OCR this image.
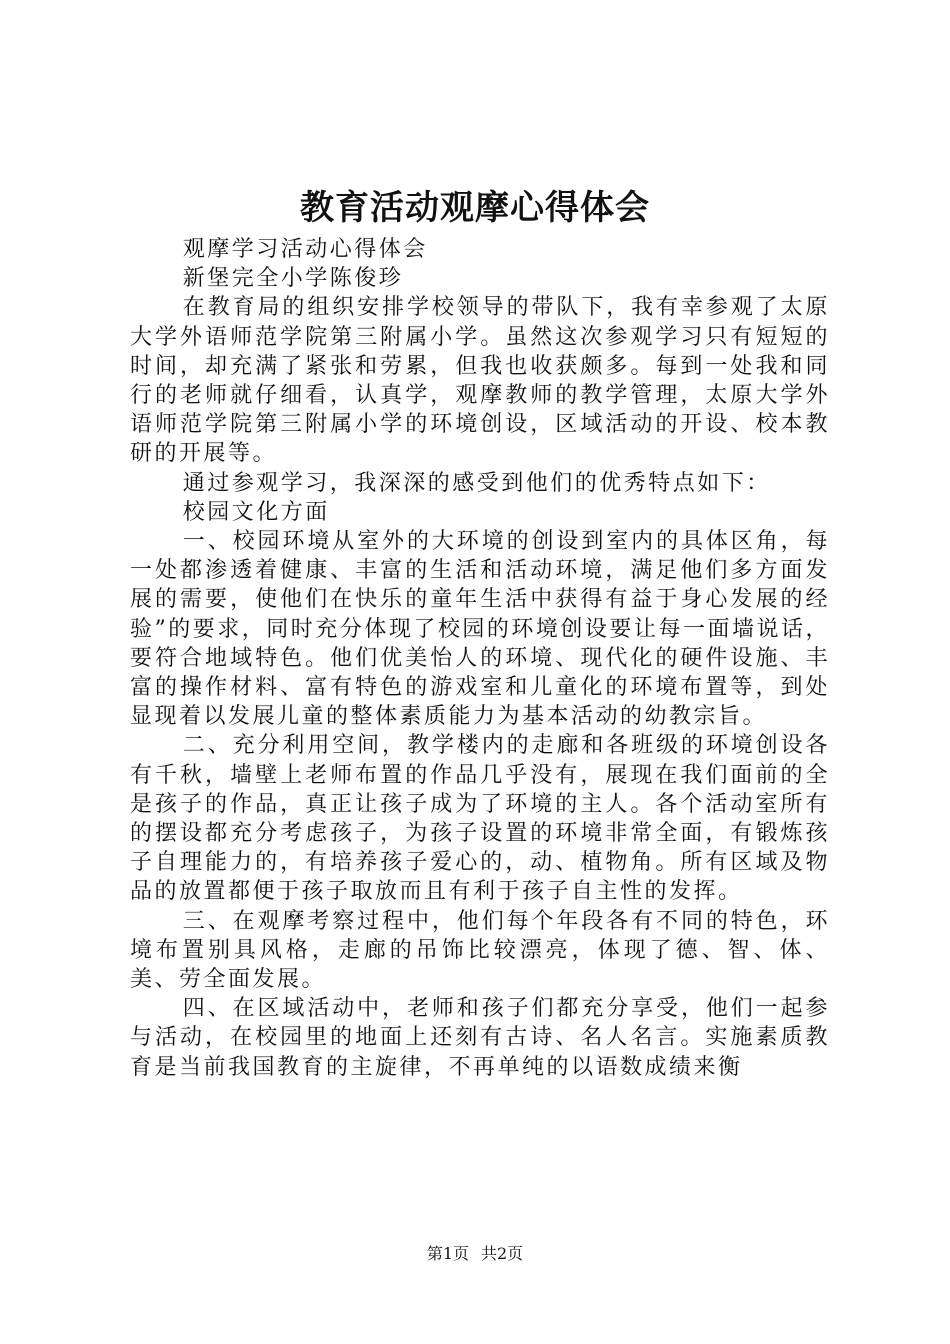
教育活动观摩心得体会

观摩学习活动心得体会

新堡完全小学陈俊珍

在教育局的组织安排学校领导的带队下，我有幸参观了太原大学外语师范学院第三附属小学。虽然这次参观学习只有短短的时间，却充满了紧张和劳累，但我也收获颇多。每到一处我和同行的老师就仔细看，认真学，观摩教师的教学管理，太原大学外语师范学院第三附属小学的环境创设，区域活动的开设、校本教研的开展等。

通过参观学习，我深深的感受到他们的优秀特点如下：

校园文化方面

一、校园环境从室外的大环境的创设到室内的具体区角，每一处都渗透着健康、丰富的生活和活动环境，满足他们多方面发展的需要，使他们在快乐的童年生活中获得有益于身心发展的经验”的要求，同时充分体现了校园的环境创设要让每一面墙说话，要符合地域特色。他们优美怡人的环境、现代化的硬件设施、丰富的操作材料、富有特色的游戏室和儿童化的环境布置等，到处显现着以发展儿童的整体素质能力为基本活动的幼教宗旨。

二、充分利用空间，教学楼内的走廊和各班级的环境创设各有千秋，墙壁上老师布置的作品几乎没有，展现在我们面前的全是孩子的作品，真正让孩子成为了环境的主人。各个活动室所有的摆设都充分考虑孩子，为孩子设置的环境非常全面，有锻炼孩子自理能力的，有培养孩子爱心的，动、植物角。所有区域及物品的放置都便于孩子取放而且有利于孩子自主性的发挥。

三、在观摩考察过程中，他们每个年段各有不同的特色，环境布置别具风格，走廊的吊饰比较漂亮，体现了德、智、体、美、劳全面发展。

四、在区域活动中，老师和孩子们都充分享受，他们一起参与活动，在校园里的地面上还刻有古诗、名人名言。实施素质教育是当前我国教育的主旋律，不再单纯的以语数成绩来衡

第1页 共2页
